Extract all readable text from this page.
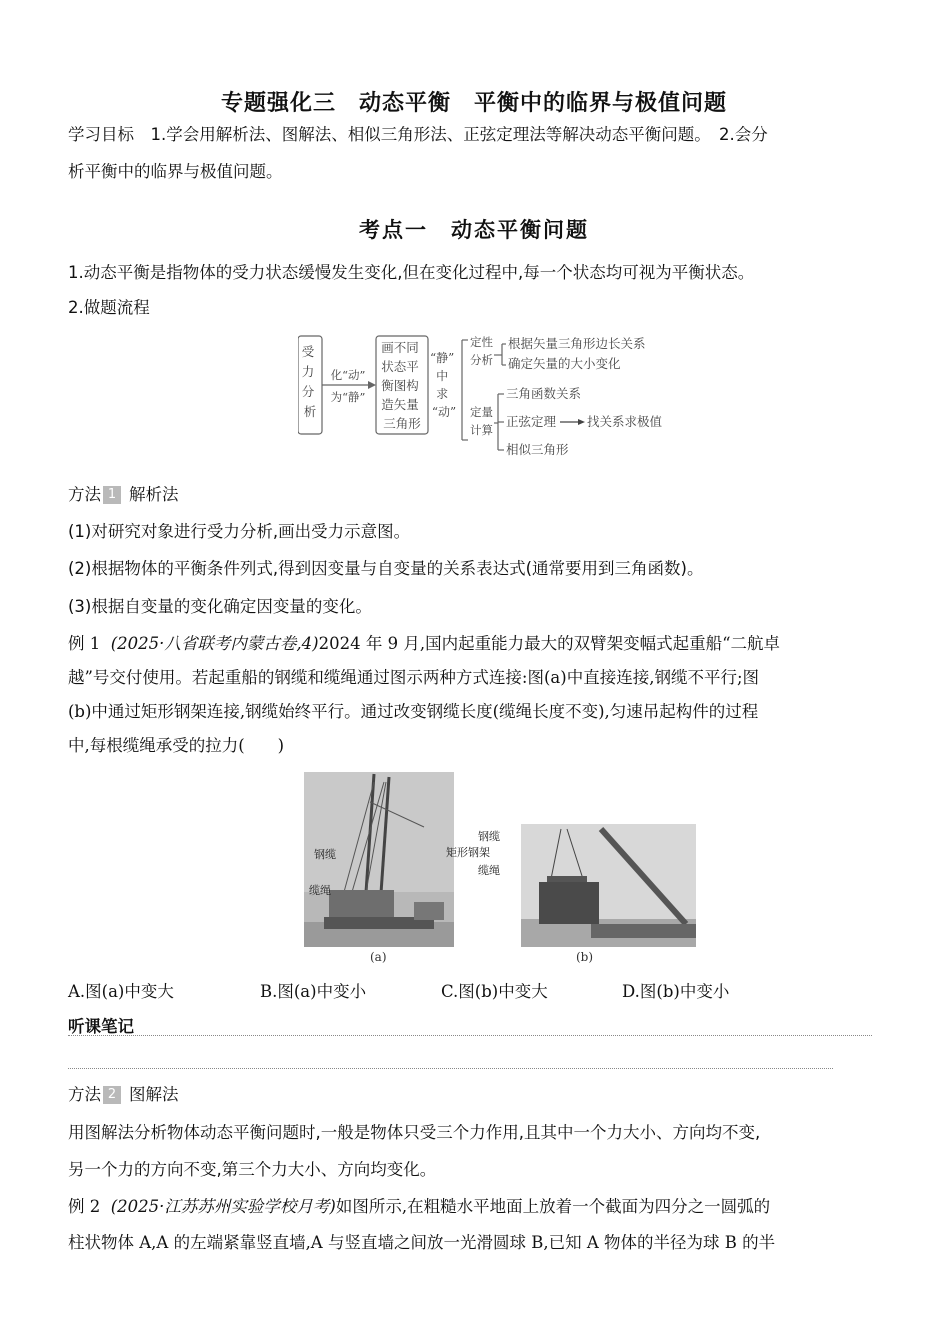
专题强化三　动态平衡　平衡中的临界与极值问题
学习目标　 1.学会用解析法、图解法、相似三角形法、正弦定理法等解决动态平衡问题。　2.会分
析平衡中的临界与极值问题。
考点一　动态平衡问题
1.动态平衡是指物体的受力状态缓慢发生变化,但在变化过程中,每一个状态均可视为平衡状态。
2.做题流程
受 力 分 析
化“动”
为“静”
画不同 状态平 衡图构 造矢量 三角形
“静” 中 求 “动”
定性 分析
根据矢量三角形边长关系
确定矢量的大小变化
定量 计算
三角函数关系
正弦定理 找关系求极值
相似三角形
方法 1 解析法
(1)对研究对象进行受力分析,画出受力示意图。
(2)根据物体的平衡条件列式,得到因变量与自变量的关系表达式(通常要用到三角函数)。
(3)根据自变量的变化确定因变量的变化。
例 1 (2025·八省联考内蒙古卷,4)2024 年 9 月,国内起重能力最大的双臂架变幅式起重船“二航卓
越”号交付使用。若起重船的钢缆和缆绳通过图示两种方式连接:图(a)中直接连接,钢缆不平行;图
(b)中通过矩形钢架连接,钢缆始终平行。通过改变钢缆长度(缆绳长度不变),匀速吊起构件的过程
中,每根缆绳承受的拉力(　　)
钢缆
缆绳
(a)
钢缆
矩形钢架
缆绳
(b)
A.图(a)中变大	B.图(a)中变小	C.图(b)中变大	D.图(b)中变小
听课笔记
方法 2 图解法
用图解法分析物体动态平衡问题时,一般是物体只受三个力作用,且其中一个力大小、方向均不变,
另一个力的方向不变,第三个力大小、方向均变化。
例 2 (2025·江苏苏州实验学校月考)如图所示,在粗糙水平地面上放着一个截面为四分之一圆弧的
柱状物体 A,A 的左端紧靠竖直墙,A 与竖直墙之间放一光滑圆球 B,已知 A 物体的半径为球 B 的半
